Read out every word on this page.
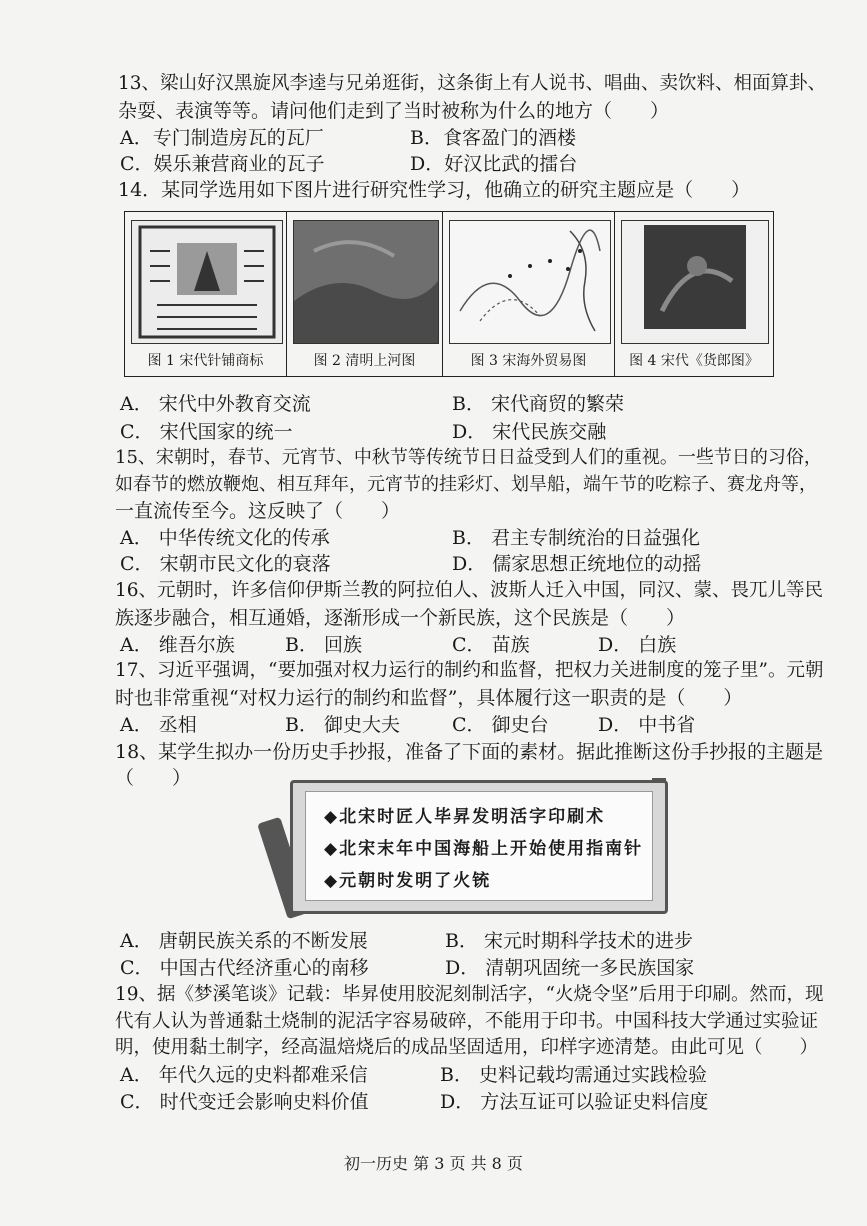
13、梁山好汉黑旋风李逵与兄弟逛街，这条街上有人说书、唱曲、卖饮料、相面算卦、
杂耍、表演等等。请问他们走到了当时被称为什么的地方（　　）
A．专门制造房瓦的瓦厂	B．食客盈门的酒楼
C．娱乐兼营商业的瓦子	D．好汉比武的擂台
14．某同学选用如下图片进行研究性学习，他确立的研究主题应是（　　）
图 1 宋代针铺商标	图 2 清明上河图	图 3 宋海外贸易图	图 4 宋代《货郎图》
A． 宋代中外教育交流	B． 宋代商贸的繁荣
C． 宋代国家的统一	D． 宋代民族交融
15、宋朝时，春节、元宵节、中秋节等传统节日日益受到人们的重视。一些节日的习俗，
如春节的燃放鞭炮、相互拜年，元宵节的挂彩灯、划旱船，端午节的吃粽子、赛龙舟等，
一直流传至今。这反映了（　　）
A． 中华传统文化的传承	B． 君主专制统治的日益强化
C． 宋朝市民文化的衰落	D． 儒家思想正统地位的动摇
16、元朝时，许多信仰伊斯兰教的阿拉伯人、波斯人迁入中国，同汉、蒙、畏兀儿等民
族逐步融合，相互通婚，逐渐形成一个新民族，这个民族是（　　）
A． 维吾尔族	B． 回族	C． 苗族	D． 白族
17、习近平强调，“要加强对权力运行的制约和监督，把权力关进制度的笼子里”。元朝
时也非常重视“对权力运行的制约和监督”，具体履行这一职责的是（　　）
A． 丞相	B． 御史大夫	C． 御史台	D． 中书省
18、某学生拟办一份历史手抄报，准备了下面的素材。据此推断这份手抄报的主题是
（　　）
◆北宋时匠人毕昇发明活字印刷术
◆北宋末年中国海船上开始使用指南针
◆元朝时发明了火铳
A． 唐朝民族关系的不断发展	B． 宋元时期科学技术的进步
C． 中国古代经济重心的南移	D． 清朝巩固统一多民族国家
19、据《梦溪笔谈》记载：毕昇使用胶泥刻制活字，“火烧令坚”后用于印刷。然而，现
代有人认为普通黏土烧制的泥活字容易破碎，不能用于印书。中国科技大学通过实验证
明，使用黏土制字，经高温焙烧后的成品坚固适用，印样字迹清楚。由此可见（　　）
A． 年代久远的史料都难采信	B． 史料记载均需通过实践检验
C． 时代变迁会影响史料价值	D． 方法互证可以验证史料信度
初一历史 第 3 页 共 8 页
